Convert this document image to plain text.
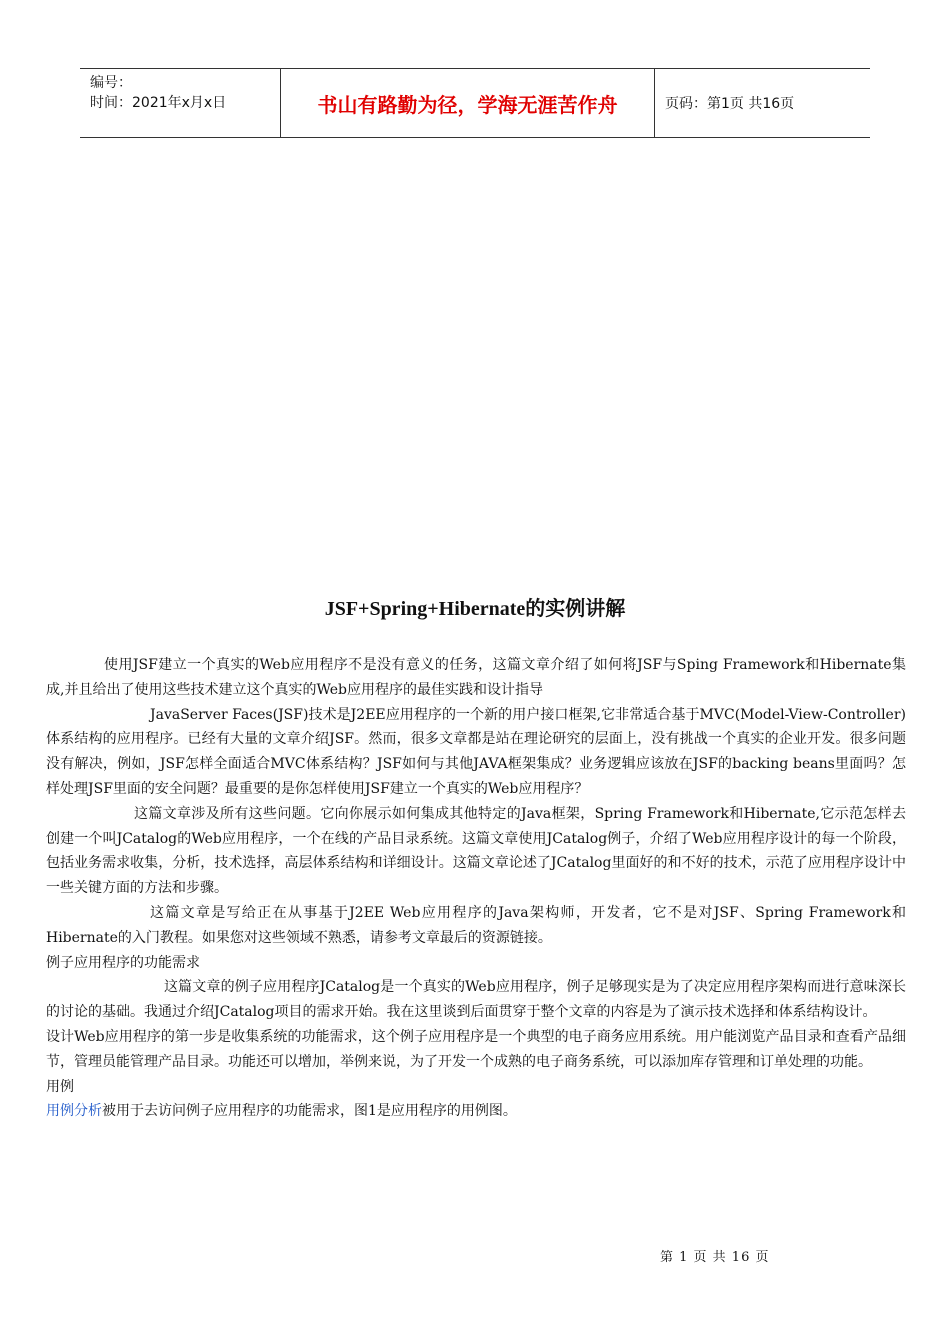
编号：
时间：2021年x月x日	书山有路勤为径，学海无涯苦作舟	页码：第1页 共16页
JSF+Spring+Hibernate的实例讲解

使用JSF建立一个真实的Web应用程序不是没有意义的任务，这篇文章介绍了如何将JSF与Sping Framework和Hibernate集成,并且给出了使用这些技术建立这个真实的Web应用程序的最佳实践和设计指导

JavaServer Faces(JSF)技术是J2EE应用程序的一个新的用户接口框架,它非常适合基于MVC(Model-View-Controller)体系结构的应用程序。已经有大量的文章介绍JSF。然而，很多文章都是站在理论研究的层面上，没有挑战一个真实的企业开发。很多问题没有解决，例如，JSF怎样全面适合MVC体系结构？JSF如何与其他JAVA框架集成？业务逻辑应该放在JSF的backing beans里面吗？怎样处理JSF里面的安全问题？最重要的是你怎样使用JSF建立一个真实的Web应用程序？

这篇文章涉及所有这些问题。它向你展示如何集成其他特定的Java框架，Spring Framework和Hibernate,它示范怎样去创建一个叫JCatalog的Web应用程序，一个在线的产品目录系统。这篇文章使用JCatalog例子，介绍了Web应用程序设计的每一个阶段，包括业务需求收集，分析，技术选择，高层体系结构和详细设计。这篇文章论述了JCatalog里面好的和不好的技术，示范了应用程序设计中一些关键方面的方法和步骤。

这篇文章是写给正在从事基于J2EE Web应用程序的Java架构师，开发者，它不是对JSF、Spring Framework和Hibernate的入门教程。如果您对这些领域不熟悉，请参考文章最后的资源链接。

例子应用程序的功能需求

这篇文章的例子应用程序JCatalog是一个真实的Web应用程序，例子足够现实是为了决定应用程序架构而进行意味深长的讨论的基础。我通过介绍JCatalog项目的需求开始。我在这里谈到后面贯穿于整个文章的内容是为了演示技术选择和体系结构设计。

设计Web应用程序的第一步是收集系统的功能需求，这个例子应用程序是一个典型的电子商务应用系统。用户能浏览产品目录和查看产品细节，管理员能管理产品目录。功能还可以增加，举例来说，为了开发一个成熟的电子商务系统，可以添加库存管理和订单处理的功能。

用例

用例分析被用于去访问例子应用程序的功能需求，图1是应用程序的用例图。

第 1 页 共 16 页
